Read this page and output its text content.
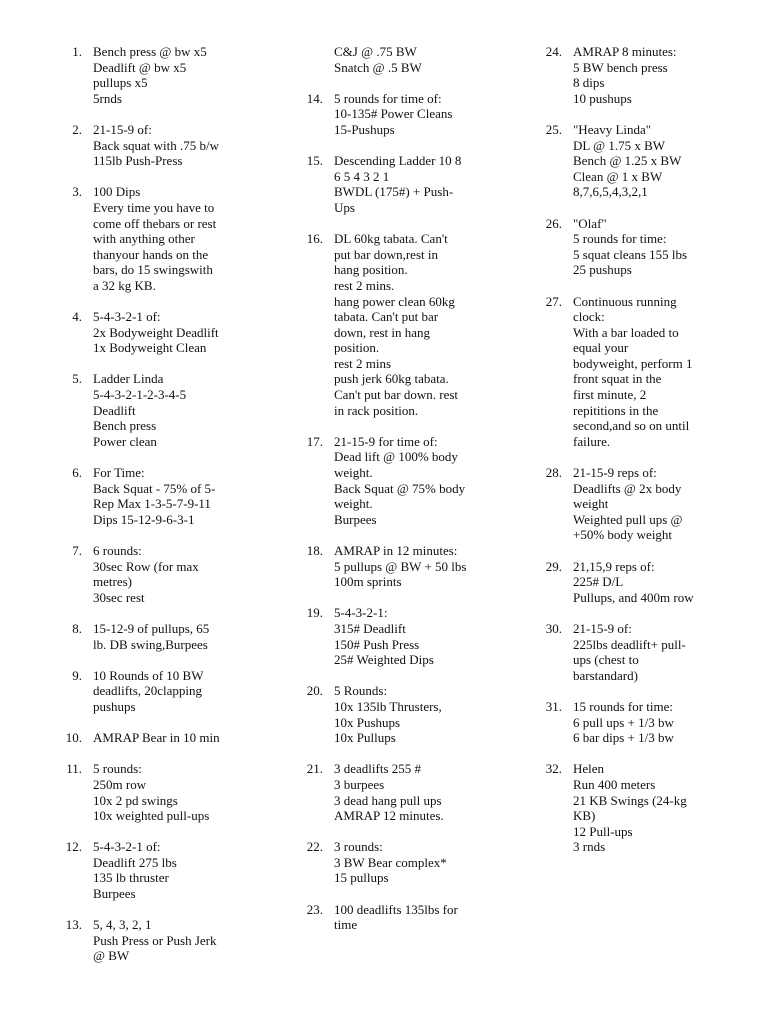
1. Bench press @ bw x5
Deadlift @ bw x5
pullups x5
5rnds
2. 21-15-9 of:
Back squat with .75 b/w
115lb Push-Press
3. 100 Dips
Every time you have to
come off thebars or rest
with anything other
thanyour hands on the
bars, do 15 swingswith
a 32 kg KB.
4. 5-4-3-2-1 of:
2x Bodyweight Deadlift
1x Bodyweight Clean
5. Ladder Linda
5-4-3-2-1-2-3-4-5
Deadlift
Bench press
Power clean
6. For Time:
Back Squat - 75% of 5-
Rep Max 1-3-5-7-9-11
Dips 15-12-9-6-3-1
7. 6 rounds:
30sec Row (for max
metres)
30sec rest
8. 15-12-9 of pullups, 65
lb. DB swing,Burpees
9. 10 Rounds of 10 BW
deadlifts, 20clapping
pushups
10. AMRAP Bear in 10 min
11. 5 rounds:
250m row
10x 2 pd swings
10x weighted pull-ups
12. 5-4-3-2-1 of:
Deadlift 275 lbs
135 lb thruster
Burpees
13. 5, 4, 3, 2, 1
Push Press or Push Jerk
@ BW
C&J @ .75 BW
Snatch @ .5 BW
14. 5 rounds for time of:
10-135# Power Cleans
15-Pushups
15. Descending Ladder 10 8
6 5 4 3 2 1
BWDL (175#) + Push-
Ups
16. DL 60kg tabata. Can't
put bar down,rest in
hang position.
rest 2 mins.
hang power clean 60kg
tabata. Can't put bar
down, rest in hang
position.
rest 2 mins
push jerk 60kg tabata.
Can't put bar down. rest
in rack position.
17. 21-15-9 for time of:
Dead lift @ 100% body
weight.
Back Squat @ 75% body
weight.
Burpees
18. AMRAP in 12 minutes:
5 pullups @ BW + 50 lbs
100m sprints
19. 5-4-3-2-1:
315# Deadlift
150# Push Press
25# Weighted Dips
20. 5 Rounds:
10x 135lb Thrusters,
10x Pushups
10x Pullups
21. 3 deadlifts 255 #
3 burpees
3 dead hang pull ups
AMRAP 12 minutes.
22. 3 rounds:
3 BW Bear complex*
15 pullups
23. 100 deadlifts 135lbs for
time
24. AMRAP 8 minutes:
5 BW bench press
8 dips
10 pushups
25. "Heavy Linda"
DL @ 1.75 x BW
Bench @ 1.25 x BW
Clean @ 1 x BW
8,7,6,5,4,3,2,1
26. "Olaf"
5 rounds for time:
5 squat cleans 155 lbs
25 pushups
27. Continuous running
clock:
With a bar loaded to
equal your
bodyweight, perform 1
front squat in the
first minute, 2
repititions in the
second,and so on until
failure.
28. 21-15-9 reps of:
Deadlifts @ 2x body
weight
Weighted pull ups @
+50% body weight
29. 21,15,9 reps of:
225# D/L
Pullups, and 400m row
30. 21-15-9 of:
225lbs deadlift+ pull-
ups (chest to
barstandard)
31. 15 rounds for time:
6 pull ups + 1/3 bw
6 bar dips + 1/3 bw
32. Helen
Run 400 meters
21 KB Swings (24-kg
KB)
12 Pull-ups
3 rnds
